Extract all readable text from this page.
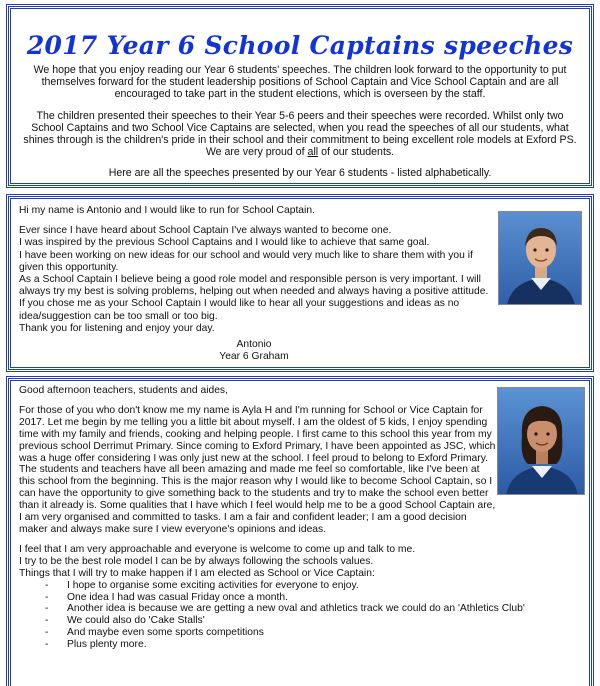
2017 Year 6 School Captains speeches

We hope that you enjoy reading our Year 6 students' speeches. The children look forward to the opportunity to put themselves forward for the student leadership positions of School Captain and Vice School Captain and are all encouraged to take part in the student elections, which is overseen by the staff.

The children presented their speeches to their Year 5-6 peers and their speeches were recorded. Whilst only two School Captains and two School Vice Captains are selected, when you read the speeches of all our students, what shines through is the children's pride in their school and their commitment to being excellent role models at Exford PS. We are very proud of all of our students.

Here are all the speeches presented by our Year 6 students - listed alphabetically.

Hi my name is Antonio and I would like to run for School Captain.

Ever since I have heard about School Captain I've always wanted to become one.

I was inspired by the previous School Captains and I would like to achieve that same goal.

I have been working on new ideas for our school and would very much like to share them with you if given this opportunity.

As a School Captain I believe being a good role model and responsible person is very important. I will always try my best is solving problems, helping out when needed and always having a positive attitude. If you chose me as your School Captain I would like to hear all your suggestions and ideas as no idea/suggestion can be too small or too big.

Thank you for listening and enjoy your day.

Antonio
Year 6 Graham

Good afternoon teachers, students and aides,

For those of you who don't know me my name is Ayla H and I'm running for School or Vice Captain for 2017. Let me begin by me telling you a little bit about myself. I am the oldest of 5 kids, I enjoy spending time with my family and friends, cooking and helping people. I first came to this school this year from my previous school Derrimut Primary. Since coming to Exford Primary, I have been appointed as JSC, which was a huge offer considering I was only just new at the school. I feel proud to belong to Exford Primary. The students and teachers have all been amazing and made me feel so comfortable, like I've been at this school from the beginning. This is the major reason why I would like to become School Captain, so I can have the opportunity to give something back to the students and try to make the school even better than it already is. Some qualities that I have which I feel would help me to be a good School Captain are, I am very organised and committed to tasks. I am a fair and confident leader; I am a good decision maker and always make sure I view everyone's opinions and ideas.

I feel that I am very approachable and everyone is welcome to come up and talk to me.

I try to be the best role model I can be by always following the schools values.

Things that I will try to make happen if I am elected as School or Vice Captain:

- I hope to organise some exciting activities for everyone to enjoy.
- One idea I had was casual Friday once a month.
- Another idea is because we are getting a new oval and athletics track we could do an 'Athletics Club'
- We could also do 'Cake Stalls'
- And maybe even some sports competitions
- Plus plenty more.
